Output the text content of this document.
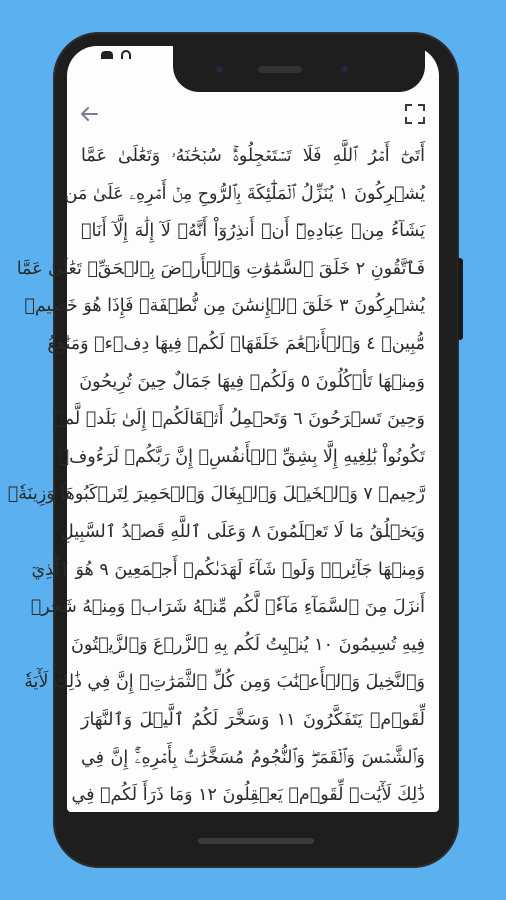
أَتَىٰٓ أَمۡرُ ٱللَّهِ فَلَا تَسۡتَعۡجِلُوهُۚ سُبۡحَٰنَهُۥ وَتَعَٰلَىٰ عَمَّا
يُشۡرِكُونَ ١ يُنَزِّلُ ٱلۡمَلَٰٓئِكَةَ بِٱلرُّوحِ مِنۡ أَمۡرِهِۦ عَلَىٰ مَن
يَشَآءُ مِنۡ عِبَادِهِۦٓ أَنۡ أَنذِرُوٓاْ أَنَّهُۥ لَآ إِلَٰهَ إِلَّآ أَنَا۠
فَٱتَّقُونِ ٢ خَلَقَ ٱلسَّمَٰوَٰتِ وَٱلۡأَرۡضَ بِٱلۡحَقِّۚ تَعَٰلَىٰ عَمَّا
يُشۡرِكُونَ ٣ خَلَقَ ٱلۡإِنسَٰنَ مِن نُّطۡفَةٖ فَإِذَا هُوَ خَصِيمٞ
مُّبِينٞ ٤ وَٱلۡأَنۡعَٰمَ خَلَقَهَاۖ لَكُمۡ فِيهَا دِفۡءٞ وَمَنَٰفِعُ
وَمِنۡهَا تَأۡكُلُونَ ٥ وَلَكُمۡ فِيهَا جَمَالٌ حِينَ تُرِيحُونَ
وَحِينَ تَسۡرَحُونَ ٦ وَتَحۡمِلُ أَثۡقَالَكُمۡ إِلَىٰ بَلَدٖ لَّمۡ
تَكُونُواْ بَٰلِغِيهِ إِلَّا بِشِقِّ ٱلۡأَنفُسِۚ إِنَّ رَبَّكُمۡ لَرَءُوفٞ
رَّحِيمٞ ٧ وَٱلۡخَيۡلَ وَٱلۡبِغَالَ وَٱلۡحَمِيرَ لِتَرۡكَبُوهَا وَزِينَةٗۚ
وَيَخۡلُقُ مَا لَا تَعۡلَمُونَ ٨ وَعَلَى ٱللَّهِ قَصۡدُ ٱلسَّبِيلِ
وَمِنۡهَا جَآئِرٞۚ وَلَوۡ شَآءَ لَهَدَىٰكُمۡ أَجۡمَعِينَ ٩ هُوَ ٱلَّذِيٓ
أَنزَلَ مِنَ ٱلسَّمَآءِ مَآءٗۖ لَّكُم مِّنۡهُ شَرَابٞ وَمِنۡهُ شَجَرٞ
فِيهِ تُسِيمُونَ ١٠ يُنۢبِتُ لَكُم بِهِ ٱلزَّرۡعَ وَٱلزَّيۡتُونَ
وَٱلنَّخِيلَ وَٱلۡأَعۡنَٰبَ وَمِن كُلِّ ٱلثَّمَرَٰتِۚ إِنَّ فِي ذَٰلِكَ لَأٓيَةٗ
لِّقَوۡمٖ يَتَفَكَّرُونَ ١١ وَسَخَّرَ لَكُمُ ٱلَّيۡلَ وَٱلنَّهَارَ
وَٱلشَّمۡسَ وَٱلۡقَمَرَۖ وَٱلنُّجُومُ مُسَخَّرَٰتُۢ بِأَمۡرِهِۦٓۚ إِنَّ فِي
ذَٰلِكَ لَأٓيَٰتٖ لِّقَوۡمٖ يَعۡقِلُونَ ١٢ وَمَا ذَرَأَ لَكُمۡ فِي
